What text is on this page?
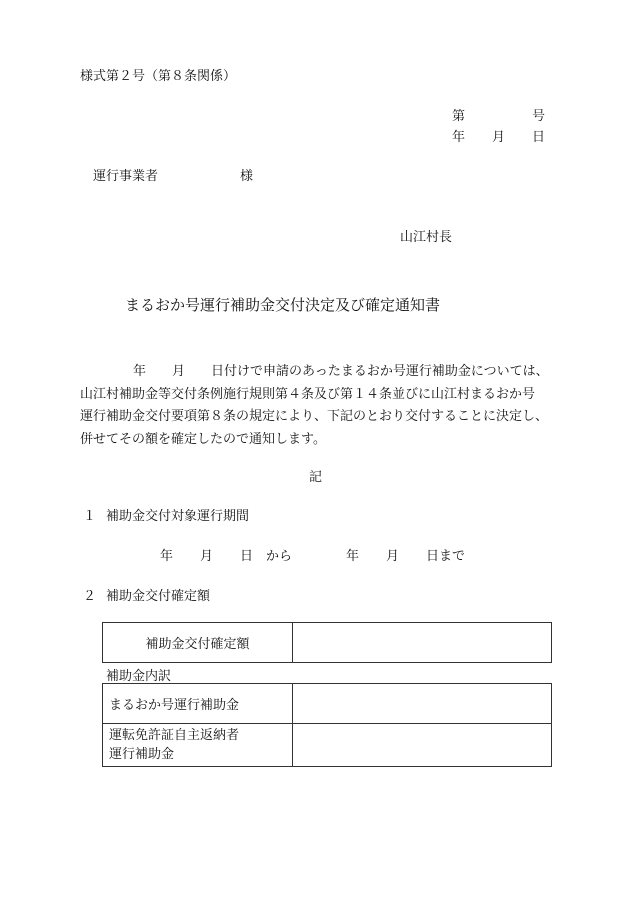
様式第２号（第８条関係）
第	号
年 月 日
運行事業者	様
山江村長
まるおか号運行補助金交付決定及び確定通知書
年　　月　　日付けで申請のあったまるおか号運行補助金については、
山江村補助金等交付条例施行規則第４条及び第１４条並びに山江村まるおか号
運行補助金交付要項第８条の規定により、下記のとおり交付することに決定し、
併せてその額を確定したので通知します。
記
１ 補助金交付対象運行期間
年 月 日 から	年 月 日まで
２ 補助金交付確定額
補助金交付確定額	
補助金内訳
まるおか号運行補助金	

運転免許証自主返納者
運行補助金	
